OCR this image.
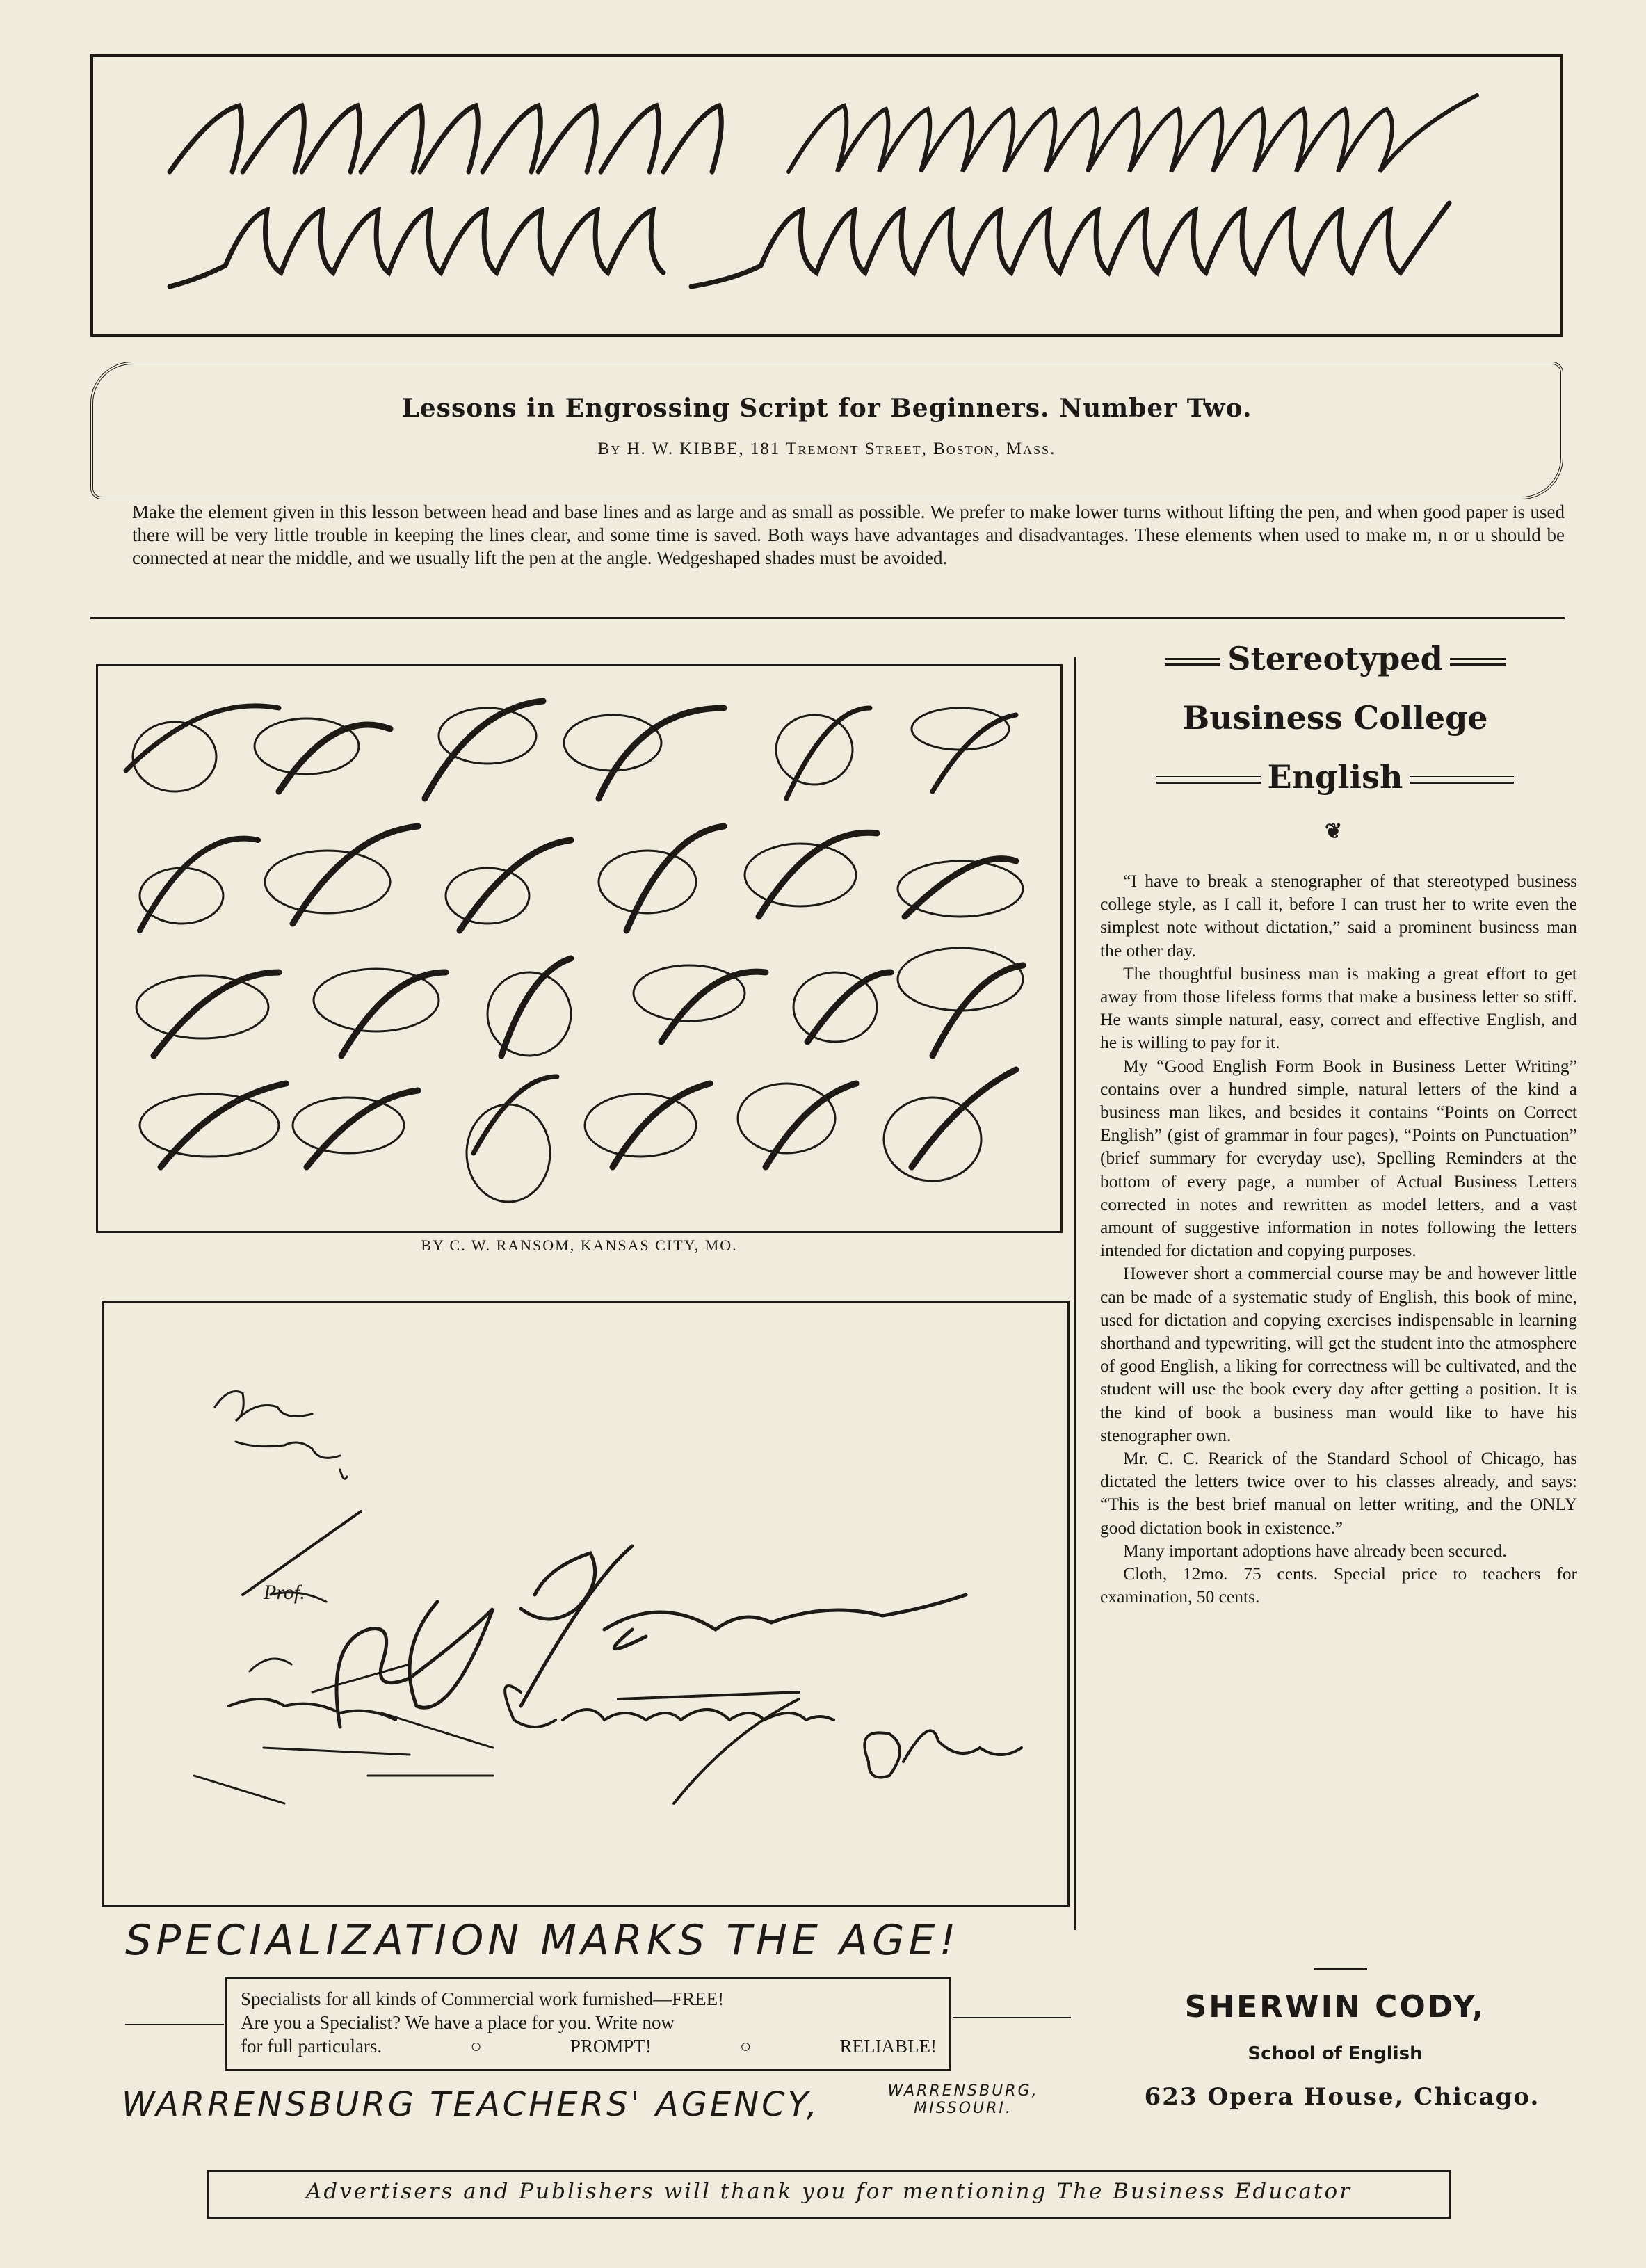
Lessons in Engrossing Script for Beginners. Number Two.
By H. W. KIBBE, 181 Tremont Street, Boston, Mass.
Make the element given in this lesson between head and base lines and as large and as small as possible. We prefer to make lower turns without lifting the pen, and when good paper is used there will be very little trouble in keeping the lines clear, and some time is saved. Both ways have advantages and disadvantages. These elements when used to make m, n or u should be connected at near the middle, and we usually lift the pen at the angle. Wedgeshaped shades must be avoided.
BY C. W. RANSOM, KANSAS CITY, MO.
Prof.
SPECIALIZATION MARKS THE AGE!
Specialists for all kinds of Commercial work furnished—FREE!
Are you a Specialist? We have a place for you. Write now
for full particulars.	○	PROMPT!	○	RELIABLE!
WARRENSBURG TEACHERS' AGENCY,	WARRENSBURG,
MISSOURI.
Stereotyped
Business College
English
❦

“I have to break a stenographer of that stereotyped business college style, as I call it, before I can trust her to write even the simplest note without dictation,” said a prominent business man the other day.

The thoughtful business man is making a great effort to get away from those lifeless forms that make a business letter so stiff. He wants simple natural, easy, correct and effective English, and he is willing to pay for it.

My “Good English Form Book in Business Letter Writing” contains over a hundred simple, natural letters of the kind a business man likes, and besides it contains “Points on Correct English” (gist of grammar in four pages), “Points on Punctuation” (brief summary for everyday use), Spelling Reminders at the bottom of every page, a number of Actual Business Letters corrected in notes and rewritten as model letters, and a vast amount of suggestive information in notes following the letters intended for dictation and copying purposes.

However short a commercial course may be and however little can be made of a systematic study of English, this book of mine, used for dictation and copying exercises indispensable in learning shorthand and typewriting, will get the student into the atmosphere of good English, a liking for correctness will be cultivated, and the student will use the book every day after getting a position. It is the kind of book a business man would like to have his stenographer own.

Mr. C. C. Rearick of the Standard School of Chicago, has dictated the letters twice over to his classes already, and says: “This is the best brief manual on letter writing, and the ONLY good dictation book in existence.”

Many important adoptions have already been secured.

Cloth, 12mo. 75 cents. Special price to teachers for examination, 50 cents.

SHERWIN CODY,
School of English
623 Opera House, Chicago.
Advertisers and Publishers will thank you for mentioning The Business Educator
